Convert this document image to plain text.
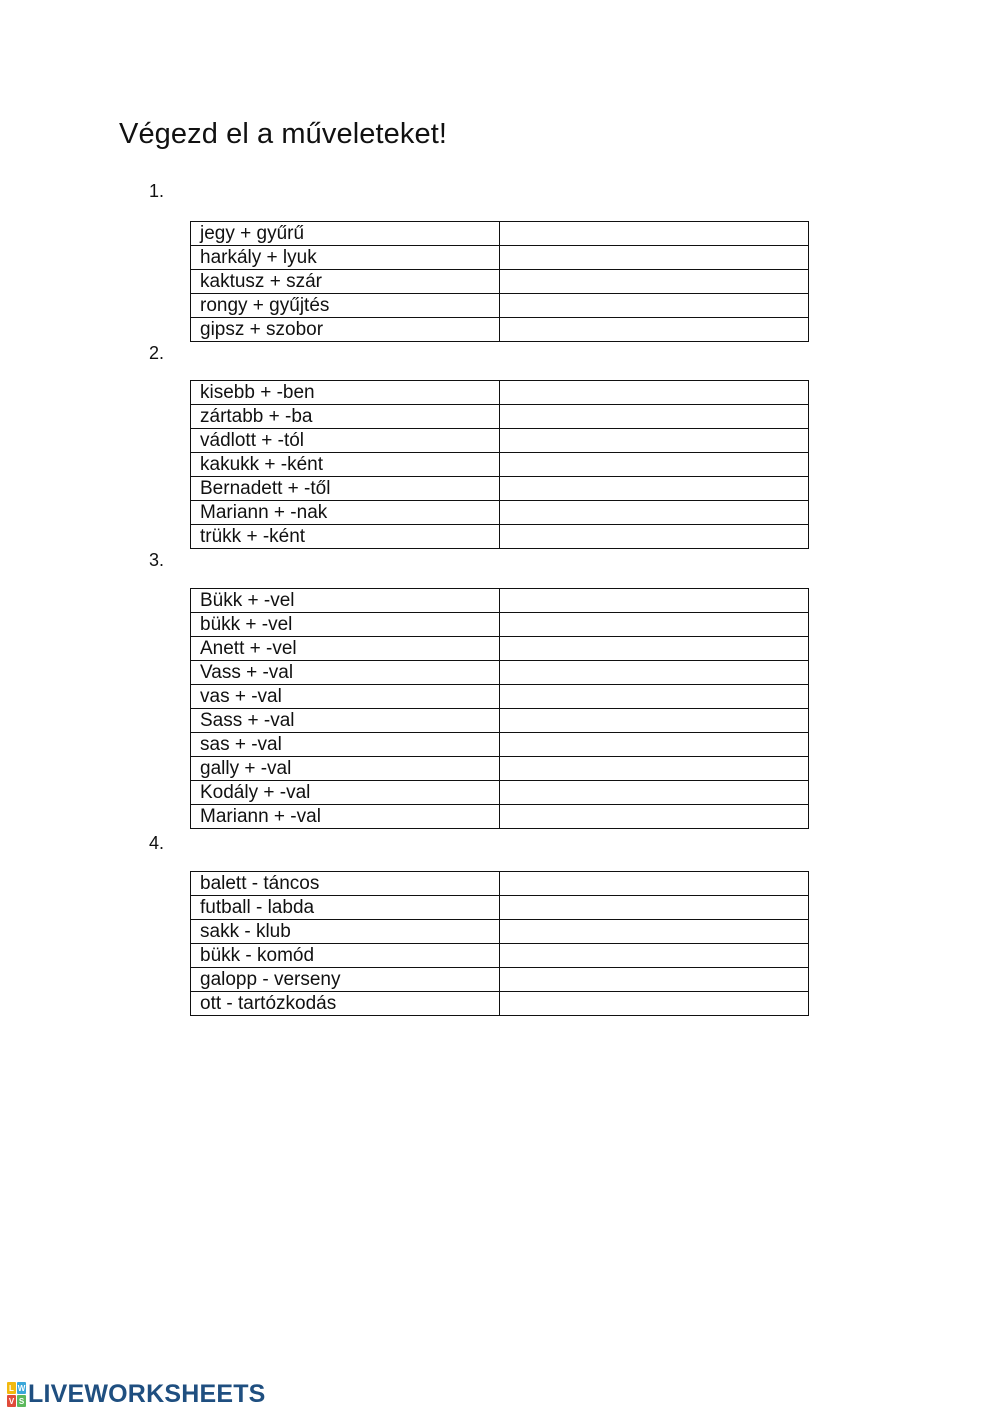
Végezd el a műveleteket!
1.
jegy + gyűrű	
harkály + lyuk	
kaktusz + szár	
rongy + gyűjtés	
gipsz + szobor	
2.
kisebb + -ben	
zártabb + -ba	
vádlott + -tól	
kakukk + -ként	
Bernadett + -től	
Mariann + -nak	
trükk + -ként	
3.
Bükk + -vel	
bükk + -vel	
Anett + -vel	
Vass + -val	
vas + -val	
Sass + -val	
sas + -val	
gally + -val	
Kodály + -val	
Mariann + -val	
4.
balett - táncos	
futball - labda	
sakk - klub	
bükk - komód	
galopp - verseny	
ott - tartózkodás	
L W
V S LIVEWORKSHEETS
